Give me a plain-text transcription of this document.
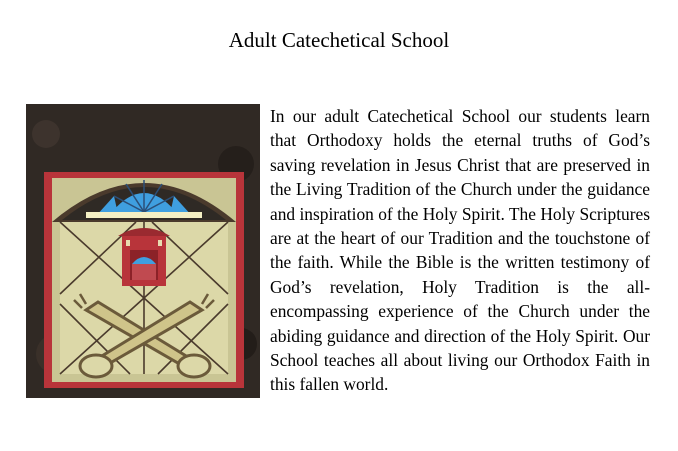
Adult Catechetical School
In our adult Catechetical School our students learn that Orthodoxy holds the eternal truths of God’s saving revelation in Jesus Christ that are preserved in the Living Tradition of the Church under the guidance and inspiration of the Holy Spirit. The Holy Scriptures are at the heart of our Tradition and the touchstone of the faith. While the Bible is the written testimony of God’s revelation, Holy Tradition is the all-encompassing experience of the Church under the abiding guidance and direction of the Holy Spirit. Our School teaches all about living our Orthodox Faith in this fallen world.
